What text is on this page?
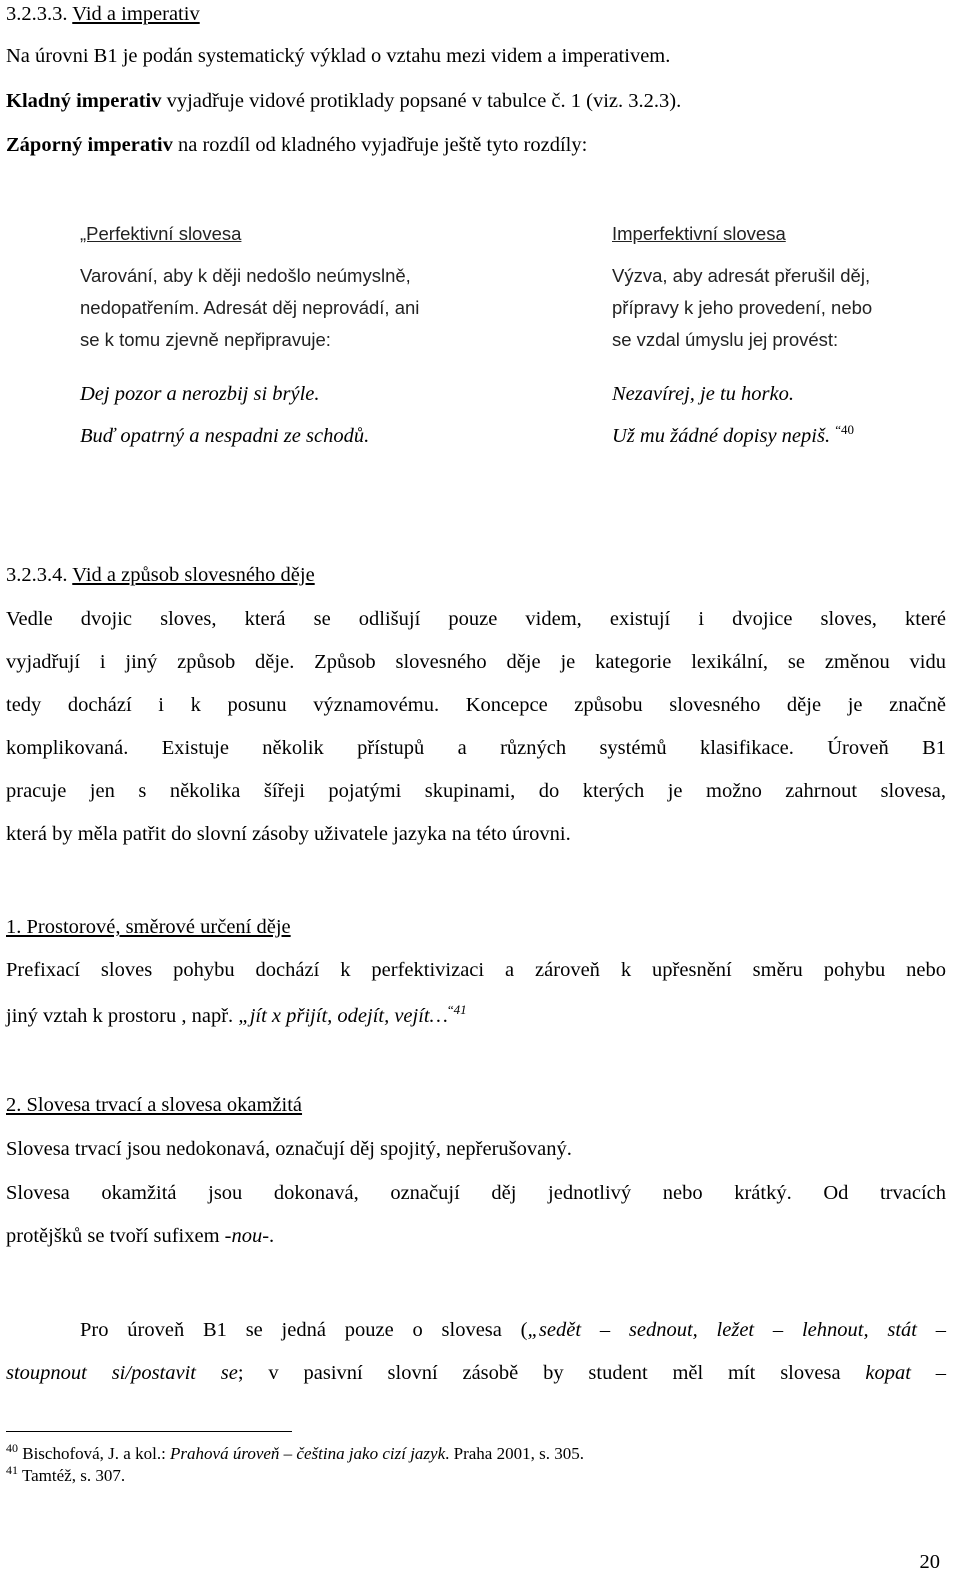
3.2.3.3. Vid a imperativ

Na úrovni B1 je podán systematický výklad o vztahu mezi videm a imperativem.

Kladný imperativ vyjadřuje vidové protiklady popsané v tabulce č. 1 (viz. 3.2.3).

Záporný imperativ na rozdíl od kladného vyjadřuje ještě tyto rozdíly:

„Perfektivní slovesa

Varování, aby k ději nedošlo neúmyslně,

nedopatřením. Adresát děj neprovádí, ani

se k tomu zjevně nepřipravuje:

Dej pozor a nerozbij si brýle.

Buď opatrný a nespadni ze schodů.

Imperfektivní slovesa

Výzva, aby adresát přerušil děj,

přípravy k jeho provedení, nebo

se vzdal úmyslu jej provést:

Nezavírej, je tu horko.

Už mu žádné dopisy nepiš. $^{“40}$

3.2.3.4. Vid a způsob slovesného děje

Vedle dvojic sloves, která se odlišují pouze videm, existují i dvojice sloves, které

vyjadřují i jiný způsob děje. Způsob slovesného děje je kategorie lexikální, se změnou vidu

tedy dochází i k posunu významovému. Koncepce způsobu slovesného děje je značně

komplikovaná. Existuje několik přístupů a různých systémů klasifikace. Úroveň B1

pracuje jen s několika šířeji pojatými skupinami, do kterých je možno zahrnout slovesa,

která by měla patřit do slovní zásoby uživatele jazyka na této úrovni.

1. Prostorové, směrové určení děje

Prefixací sloves pohybu dochází k perfektivizaci a zároveň k upřesnění směru pohybu nebo

jiný vztah k prostoru , např. „jít x přijít, odejít, vejít…$^{“41}$

2. Slovesa trvací a slovesa okamžitá

Slovesa trvací jsou nedokonavá, označují děj spojitý, nepřerušovaný.

Slovesa okamžitá jsou dokonavá, označují děj jednotlivý nebo krátký. Od trvacích

protějšků se tvoří sufixem -nou-.

Pro úroveň B1 se jedná pouze o slovesa („sedět – sednout, ležet – lehnout, stát –

stoupnout si/postavit se; v pasivní slovní zásobě by student měl mít slovesa kopat –

$^{40}$ Bischofová, J. a kol.: Prahová úroveň – čeština jako cizí jazyk. Praha 2001, s. 305.

$^{41}$ Tamtéž, s. 307.

20
